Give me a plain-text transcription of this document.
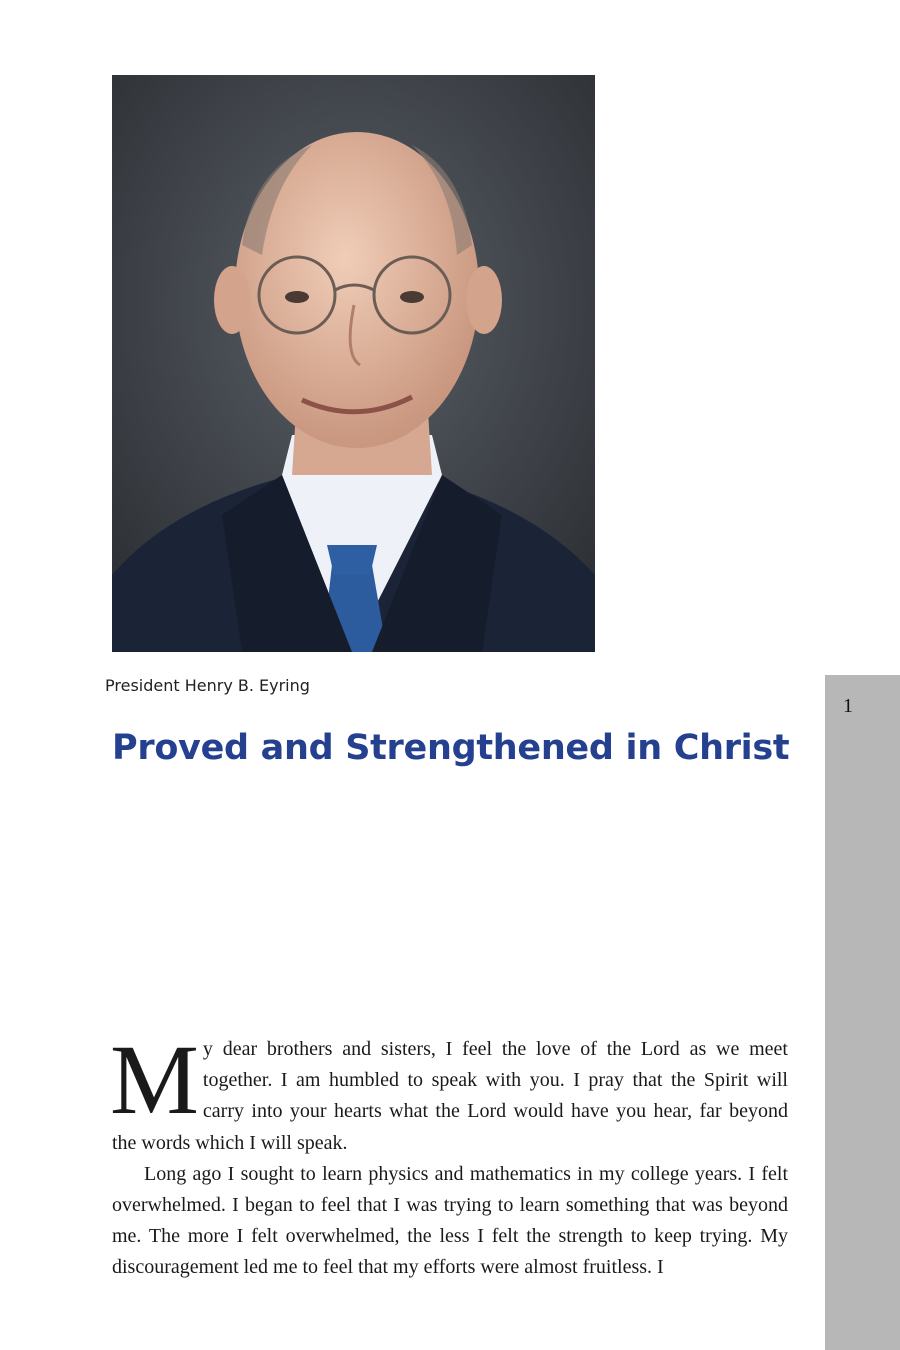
President Henry B. Eyring
1
Proved and Strengthened in Christ

My dear brothers and sisters, I feel the love of the Lord as we meet together. I am humbled to speak with you. I pray that the Spirit will carry into your hearts what the Lord would have you hear, far beyond the words which I will speak.

Long ago I sought to learn physics and mathematics in my college years. I felt overwhelmed. I began to feel that I was trying to learn something that was beyond me. The more I felt overwhelmed, the less I felt the strength to keep trying. My discouragement led me to feel that my efforts were almost fruitless. I
